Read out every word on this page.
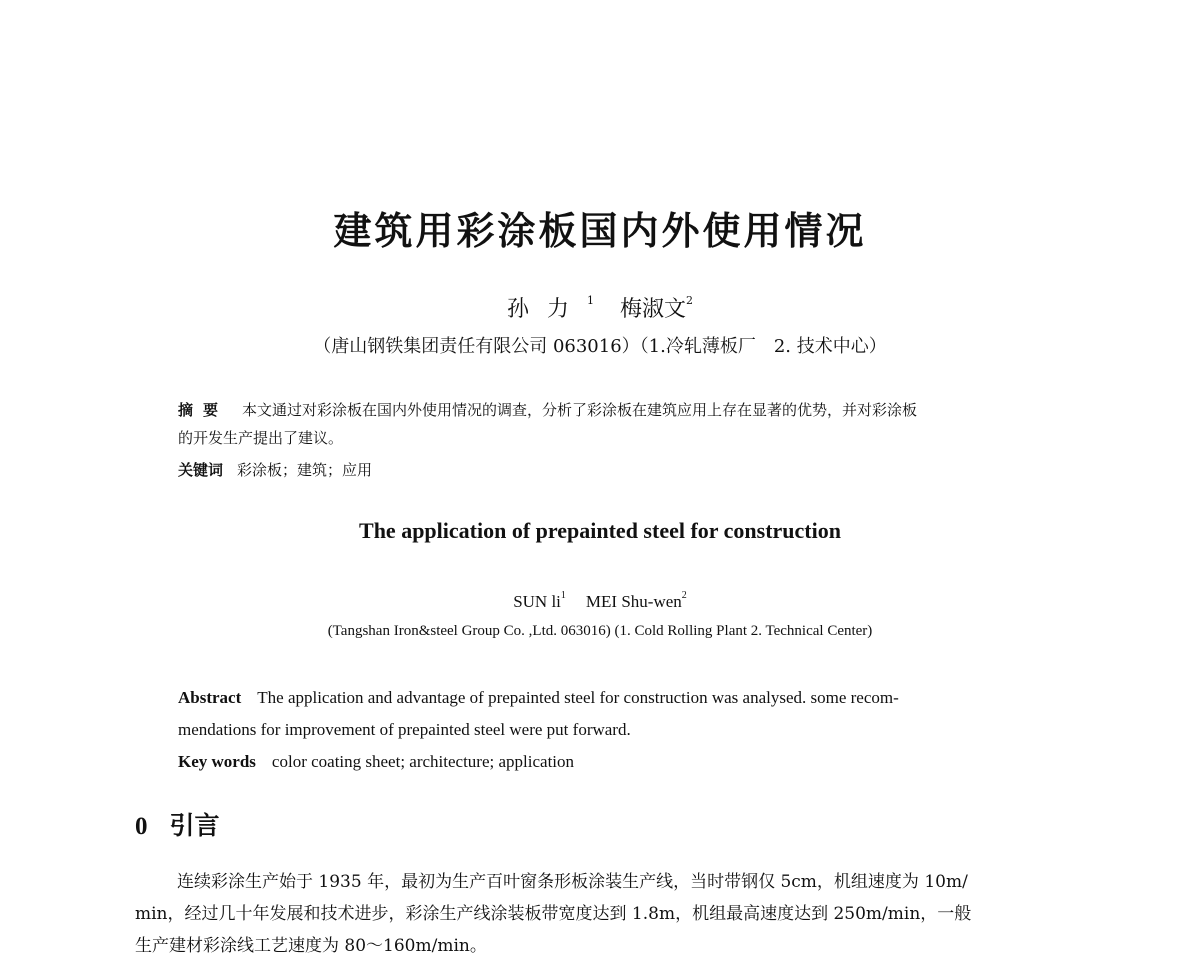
建筑用彩涂板国内外使用情况
孙力$^1$ 梅淑文$^2$
（唐山钢铁集团责任有限公司 063016）（1.冷轧薄板厂　2. 技术中心）
摘要 本文通过对彩涂板在国内外使用情况的调查，分析了彩涂板在建筑应用上存在显著的优势，并对彩涂板
的开发生产提出了建议。
关键词 彩涂板；建筑；应用
The application of prepainted steel for construction
SUN $li^1$ MEI Shu-wen$^2$
(Tangshan Iron&steel Group Co. ,Ltd. 063016) (1. Cold Rolling Plant 2. Technical Center)
Abstract The application and advantage of prepainted steel for construction was analysed. some recom-
mendations for improvement of prepainted steel were put forward.
Key words color coating sheet; architecture; application
0 引言
连续彩涂生产始于 1935 年，最初为生产百叶窗条形板涂装生产线，当时带钢仅 5cm，机组速度为 10m/
min，经过几十年发展和技术进步，彩涂生产线涂装板带宽度达到 1.8m，机组最高速度达到 250m/min，一般
生产建材彩涂线工艺速度为 80～160m/min。
